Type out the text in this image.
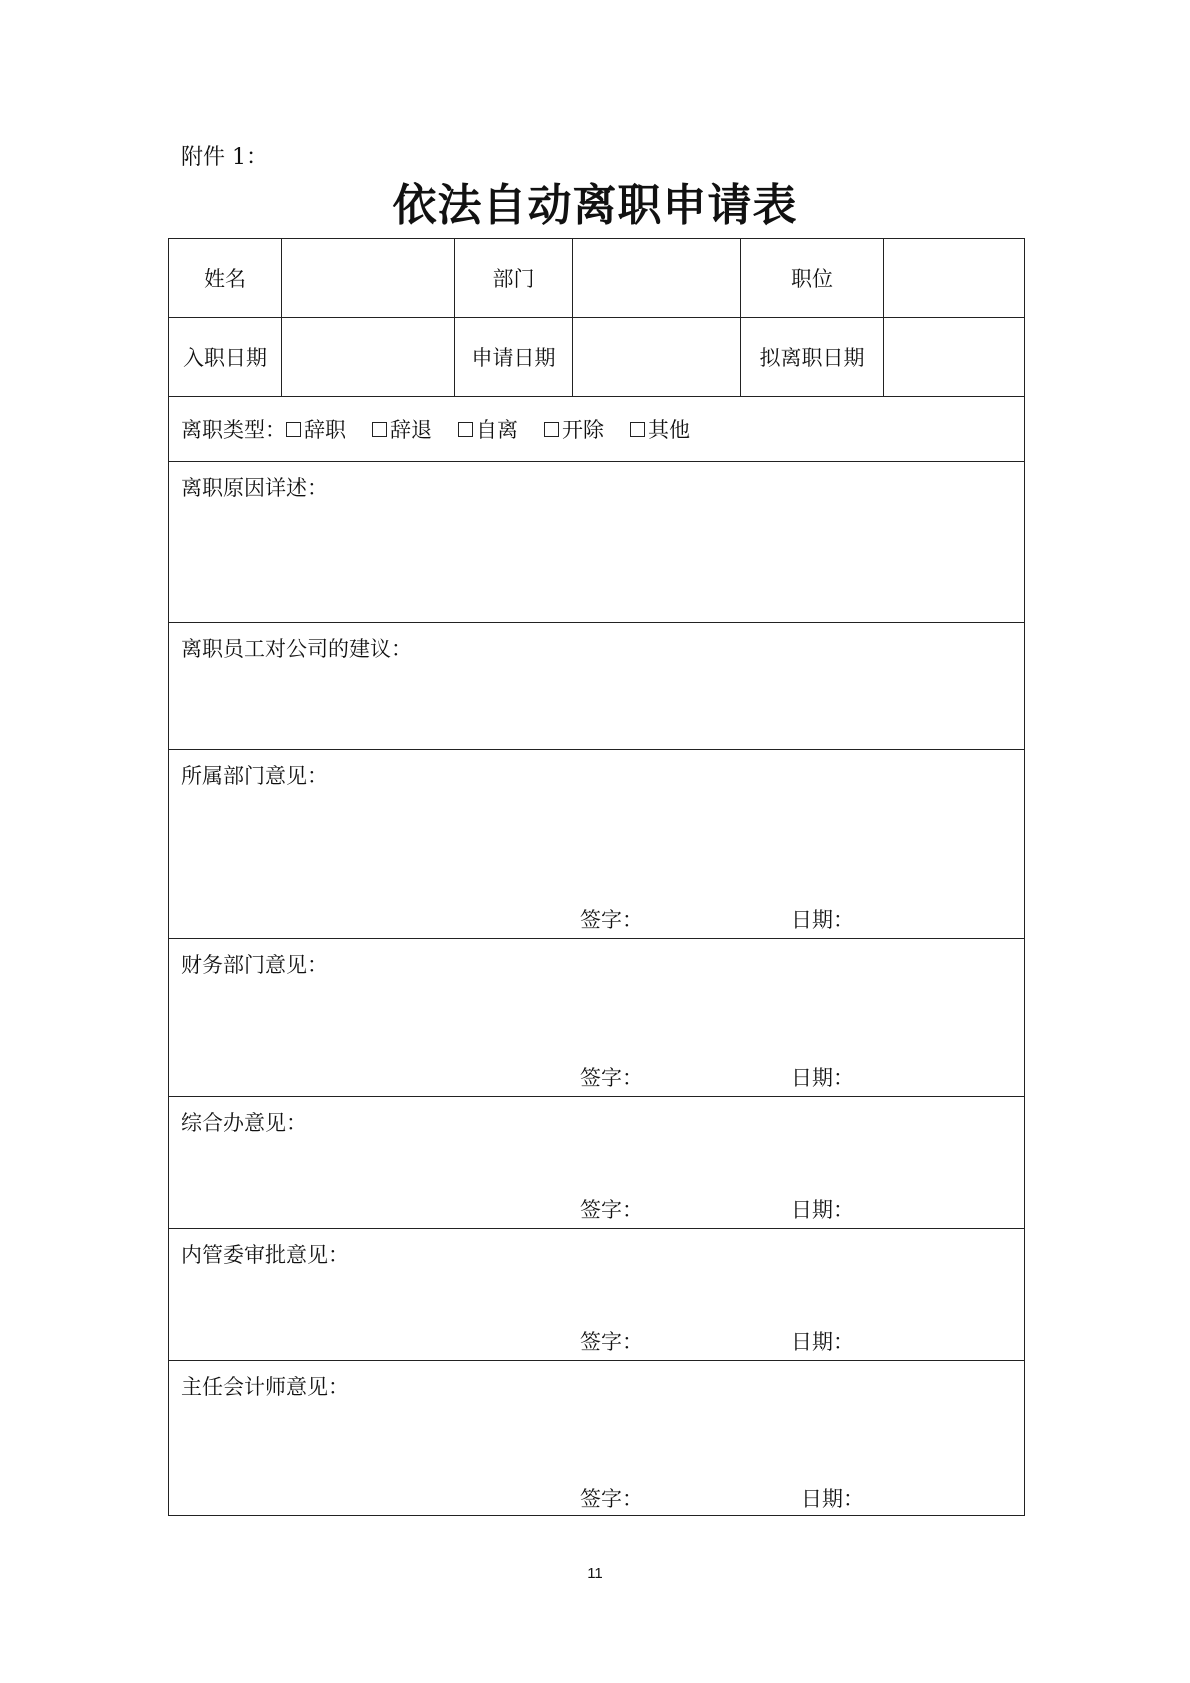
附件 1：
依法自动离职申请表
姓名	部门	职位
入职日期	申请日期	拟离职日期
离职类型： 辞职 辞退 自离 开除 其他
离职原因详述：
离职员工对公司的建议：
所属部门意见：
签字：	日期：
财务部门意见：
签字：	日期：
综合办意见：
签字：	日期：
内管委审批意见：
签字：	日期：
主任会计师意见：
签字：	日期：
11
